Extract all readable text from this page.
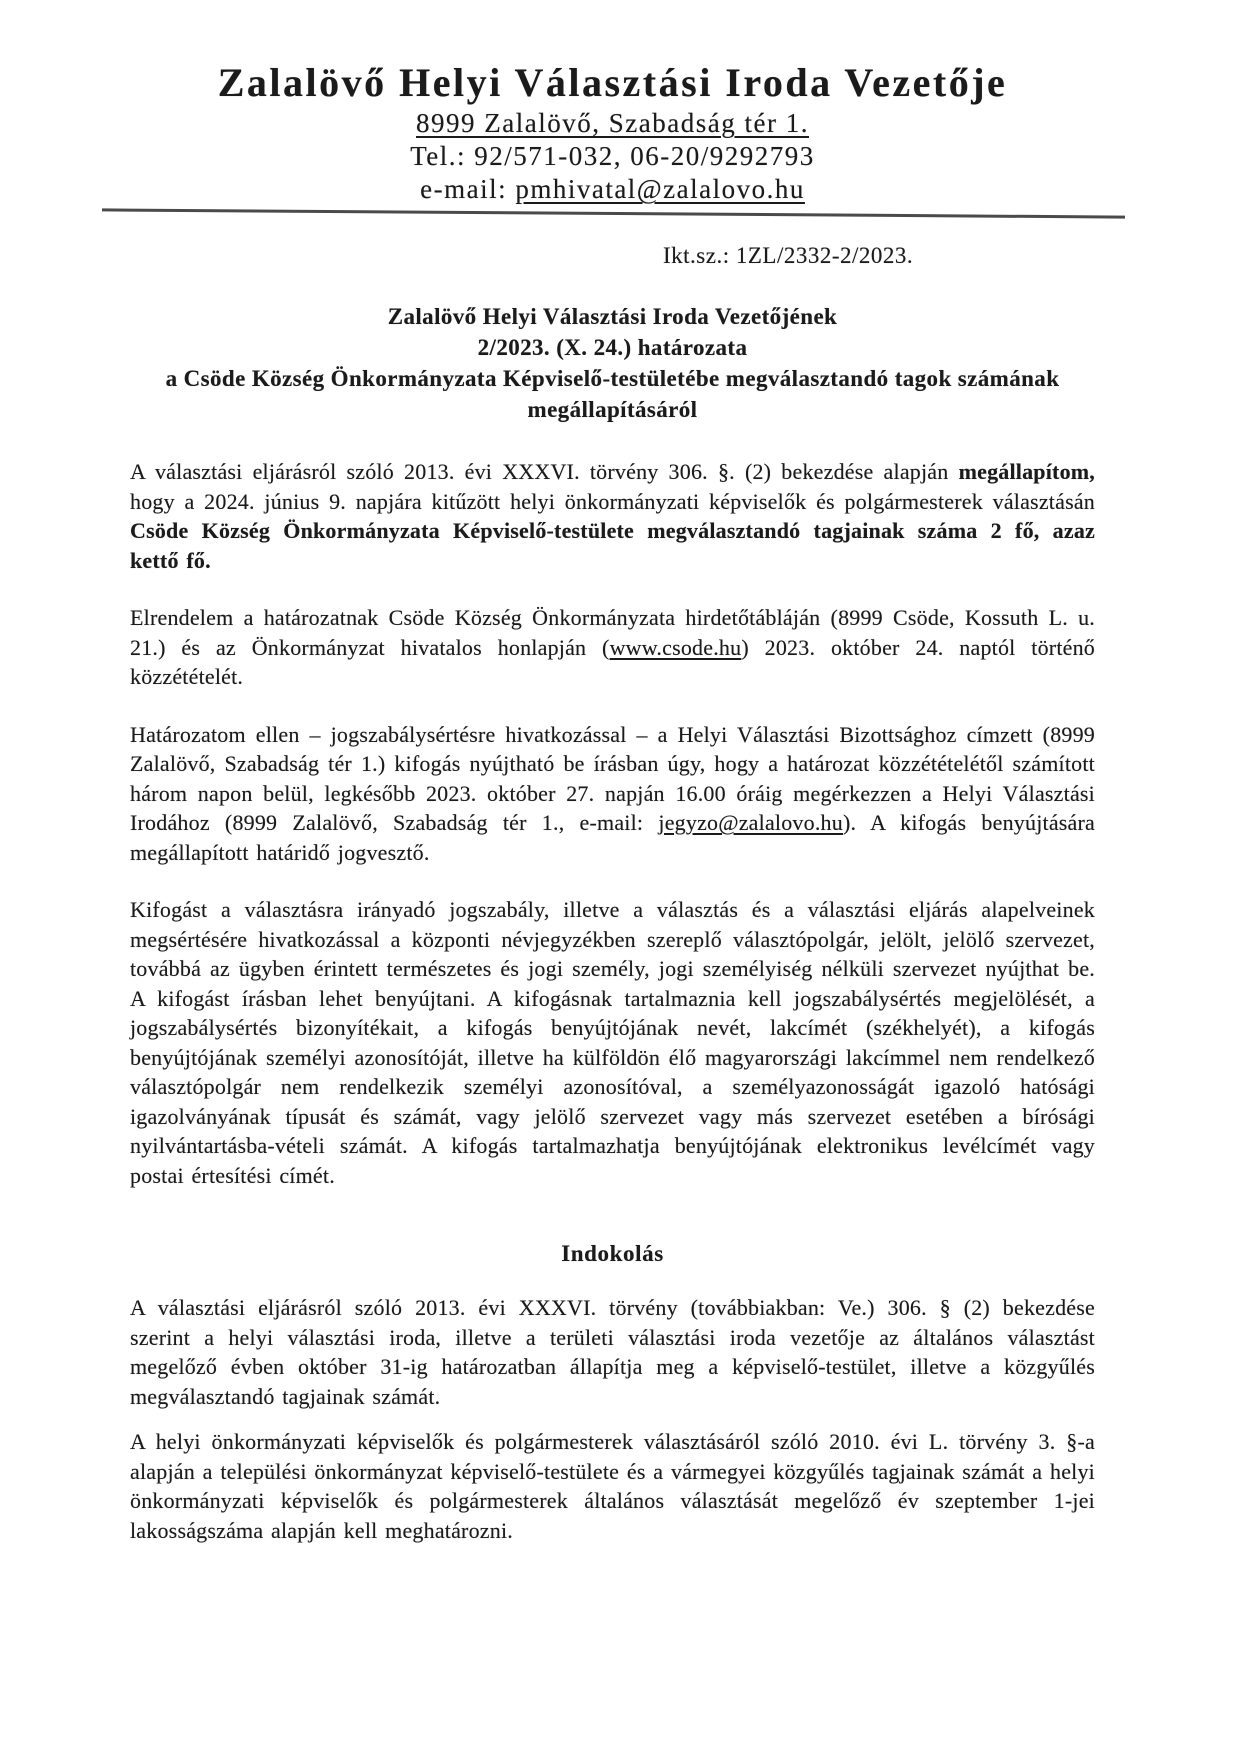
Zalalövő Helyi Választási Iroda Vezetője
8999 Zalalövő, Szabadság tér 1.
Tel.: 92/571-032, 06-20/9292793
e-mail: pmhivatal@zalalovo.hu
Ikt.sz.: 1ZL/2332-2/2023.
Zalalövő Helyi Választási Iroda Vezetőjének
2/2023. (X. 24.) határozata
a Csöde Község Önkormányzata Képviselő-testületébe megválasztandó tagok számának
megállapításáról

A választási eljárásról szóló 2013. évi XXXVI. törvény 306. §. (2) bekezdése alapján megállapítom, hogy a 2024. június 9. napjára kitűzött helyi önkormányzati képviselők és polgármesterek választásán Csöde Község Önkormányzata Képviselő-testülete megválasztandó tagjainak száma 2 fő, azaz kettő fő.

Elrendelem a határozatnak Csöde Község Önkormányzata hirdetőtábláján (8999 Csöde, Kossuth L. u. 21.) és az Önkormányzat hivatalos honlapján (www.csode.hu) 2023. október 24. naptól történő közzétételét.

Határozatom ellen – jogszabálysértésre hivatkozással – a Helyi Választási Bizottsághoz címzett (8999 Zalalövő, Szabadság tér 1.) kifogás nyújtható be írásban úgy, hogy a határozat közzétételétől számított három napon belül, legkésőbb 2023. október 27. napján 16.00 óráig megérkezzen a Helyi Választási Irodához (8999 Zalalövő, Szabadság tér 1., e-mail: jegyzo@zalalovo.hu). A kifogás benyújtására megállapított határidő jogvesztő.

Kifogást a választásra irányadó jogszabály, illetve a választás és a választási eljárás alapelveinek megsértésére hivatkozással a központi névjegyzékben szereplő választópolgár, jelölt, jelölő szervezet, továbbá az ügyben érintett természetes és jogi személy, jogi személyiség nélküli szervezet nyújthat be. A kifogást írásban lehet benyújtani. A kifogásnak tartalmaznia kell jogszabálysértés megjelölését, a jogszabálysértés bizonyítékait, a kifogás benyújtójának nevét, lakcímét (székhelyét), a kifogás benyújtójának személyi azonosítóját, illetve ha külföldön élő magyarországi lakcímmel nem rendelkező választópolgár nem rendelkezik személyi azonosítóval, a személyazonosságát igazoló hatósági igazolványának típusát és számát, vagy jelölő szervezet vagy más szervezet esetében a bírósági nyilvántartásba-vételi számát. A kifogás tartalmazhatja benyújtójának elektronikus levélcímét vagy postai értesítési címét.

Indokolás

A választási eljárásról szóló 2013. évi XXXVI. törvény (továbbiakban: Ve.) 306. § (2) bekezdése szerint a helyi választási iroda, illetve a területi választási iroda vezetője az általános választást megelőző évben október 31-ig határozatban állapítja meg a képviselő-testület, illetve a közgyűlés megválasztandó tagjainak számát.

A helyi önkormányzati képviselők és polgármesterek választásáról szóló 2010. évi L. törvény 3. §-a alapján a települési önkormányzat képviselő-testülete és a vármegyei közgyűlés tagjainak számát a helyi önkormányzati képviselők és polgármesterek általános választását megelőző év szeptember 1-jei lakosságszáma alapján kell meghatározni.
